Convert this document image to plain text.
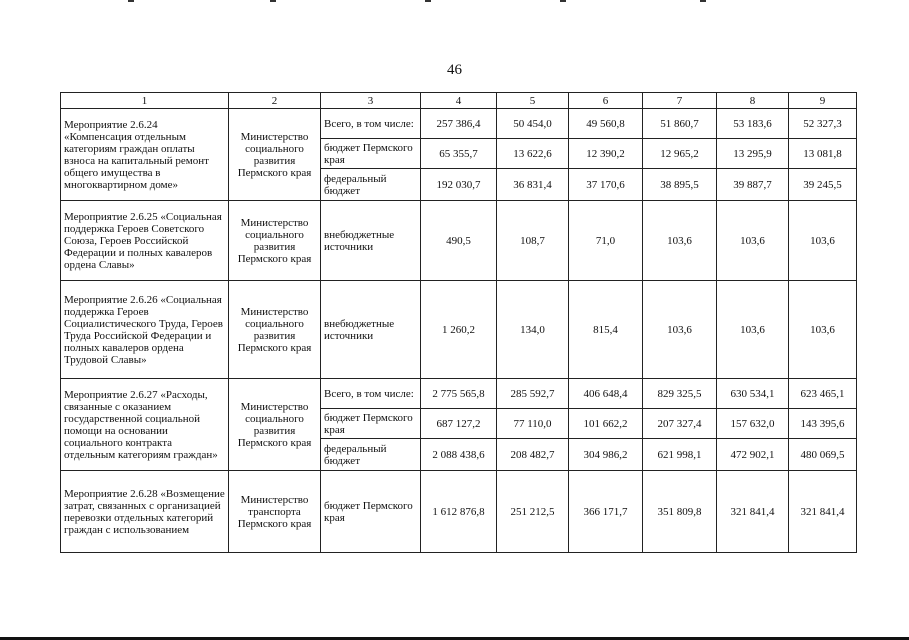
46
1	2	3	4	5	6	7	8	9
Мероприятие 2.6.24 «Компенсация отдельным категориям граждан оплаты взноса на капитальный ремонт общего имущества в многоквартирном доме»	Министерство социального развития Пермского края	Всего, в том числе:	257 386,4	50 454,0	49 560,8	51 860,7	53 183,6	52 327,3
		бюджет Пермского края	65 355,7	13 622,6	12 390,2	12 965,2	13 295,9	13 081,8
		федеральный бюджет	192 030,7	36 831,4	37 170,6	38 895,5	39 887,7	39 245,5
Мероприятие 2.6.25 «Социальная поддержка Героев Советского Союза, Героев Российской Федерации и полных кавалеров ордена Славы»	Министерство социального развития Пермского края	внебюджетные источники	490,5	108,7	71,0	103,6	103,6	103,6
Мероприятие 2.6.26 «Социальная поддержка Героев Социалистического Труда, Героев Труда Российской Федерации и полных кавалеров ордена Трудовой Славы»	Министерство социального развития Пермского края	внебюджетные источники	1 260,2	134,0	815,4	103,6	103,6	103,6
Мероприятие 2.6.27 «Расходы, связанные с оказанием государственной социальной помощи на основании социального контракта отдельным категориям граждан»	Министерство социального развития Пермского края	Всего, в том числе:	2 775 565,8	285 592,7	406 648,4	829 325,5	630 534,1	623 465,1
		бюджет Пермского края	687 127,2	77 110,0	101 662,2	207 327,4	157 632,0	143 395,6
		федеральный бюджет	2 088 438,6	208 482,7	304 986,2	621 998,1	472 902,1	480 069,5
Мероприятие 2.6.28 «Возмещение затрат, связанных с организацией перевозки отдельных категорий граждан с использованием	Министерство транспорта Пермского края	бюджет Пермского края	1 612 876,8	251 212,5	366 171,7	351 809,8	321 841,4	321 841,4
